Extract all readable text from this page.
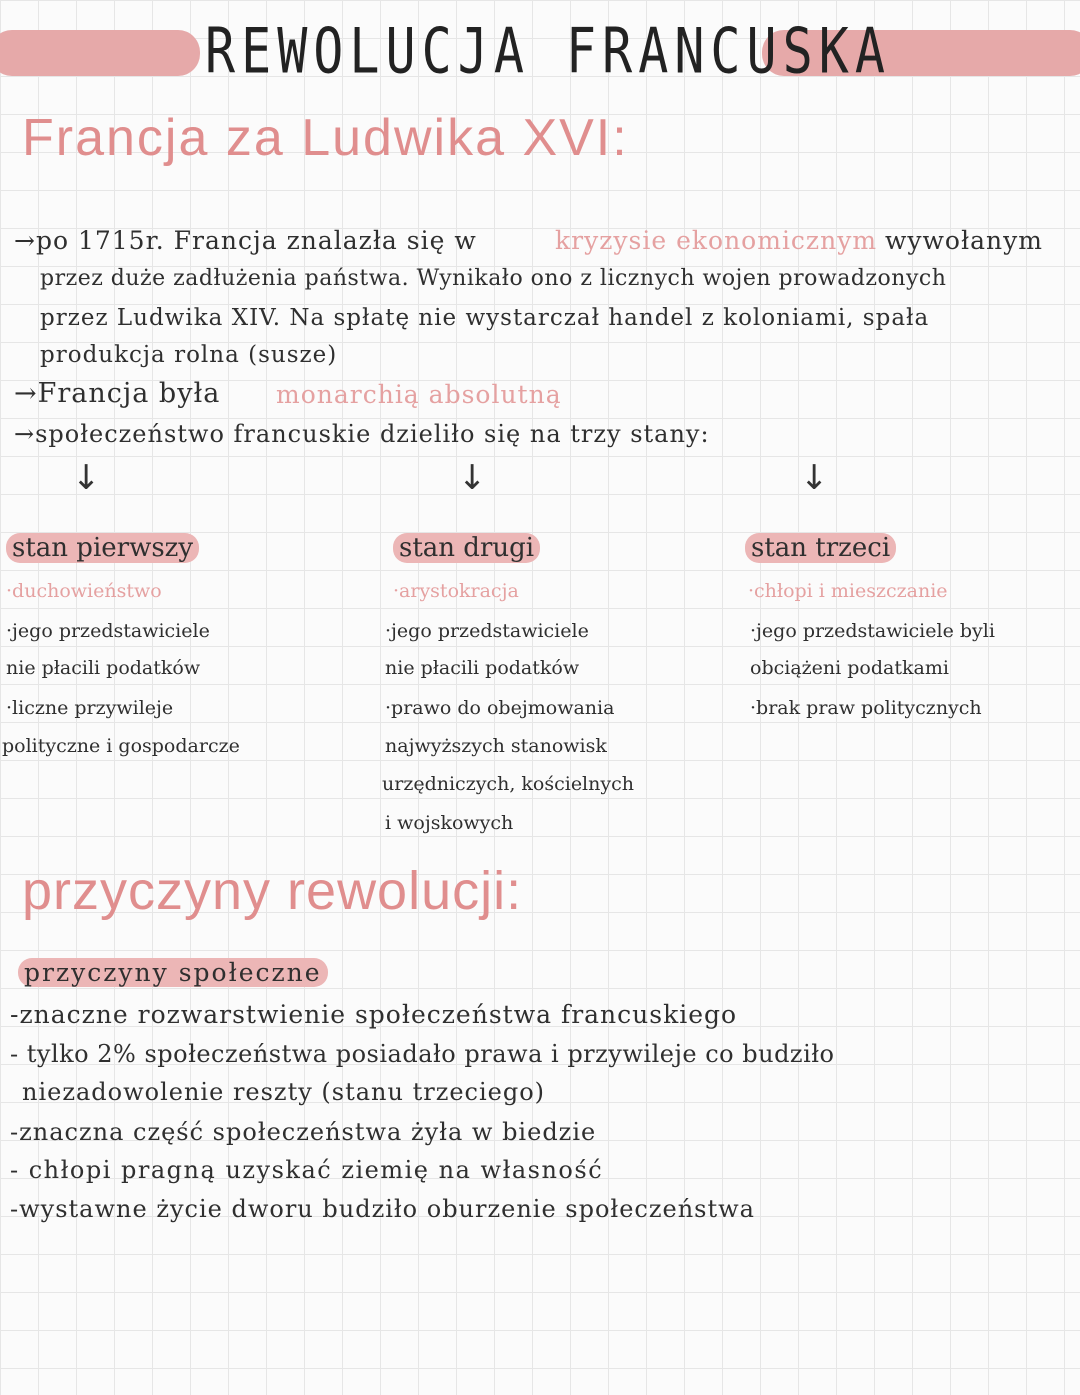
REWOLUCJA FRANCUSKA
Francja za Ludwika XVI:
→po 1715r. Francja znalazła się w	kryzysie ekonomicznym wywołanym
przez duże zadłużenia państwa. Wynikało ono z licznych wojen prowadzonych
przez Ludwika XIV. Na spłatę nie wystarczał handel z koloniami, spała
produkcja rolna (susze)
→Francja była monarchią absolutną
→społeczeństwo francuskie dzieliło się na trzy stany:
↓	↓	↓
stan pierwszy
·duchowieństwo
·jego przedstawiciele
nie płacili podatków
·liczne przywileje
polityczne i gospodarcze
stan drugi
·arystokracja
·jego przedstawiciele
nie płacili podatków
·prawo do obejmowania
najwyższych stanowisk
urzędniczych, kościelnych
i wojskowych
stan trzeci
·chłopi i mieszczanie
·jego przedstawiciele byli
obciążeni podatkami
·brak praw politycznych
przyczyny rewolucji:
przyczyny społeczne
-znaczne rozwarstwienie społeczeństwa francuskiego
- tylko 2% społeczeństwa posiadało prawa i przywileje co budziło
niezadowolenie reszty (stanu trzeciego)
-znaczna część społeczeństwa żyła w biedzie
- chłopi pragną uzyskać ziemię na własność
-wystawne życie dworu budziło oburzenie społeczeństwa
